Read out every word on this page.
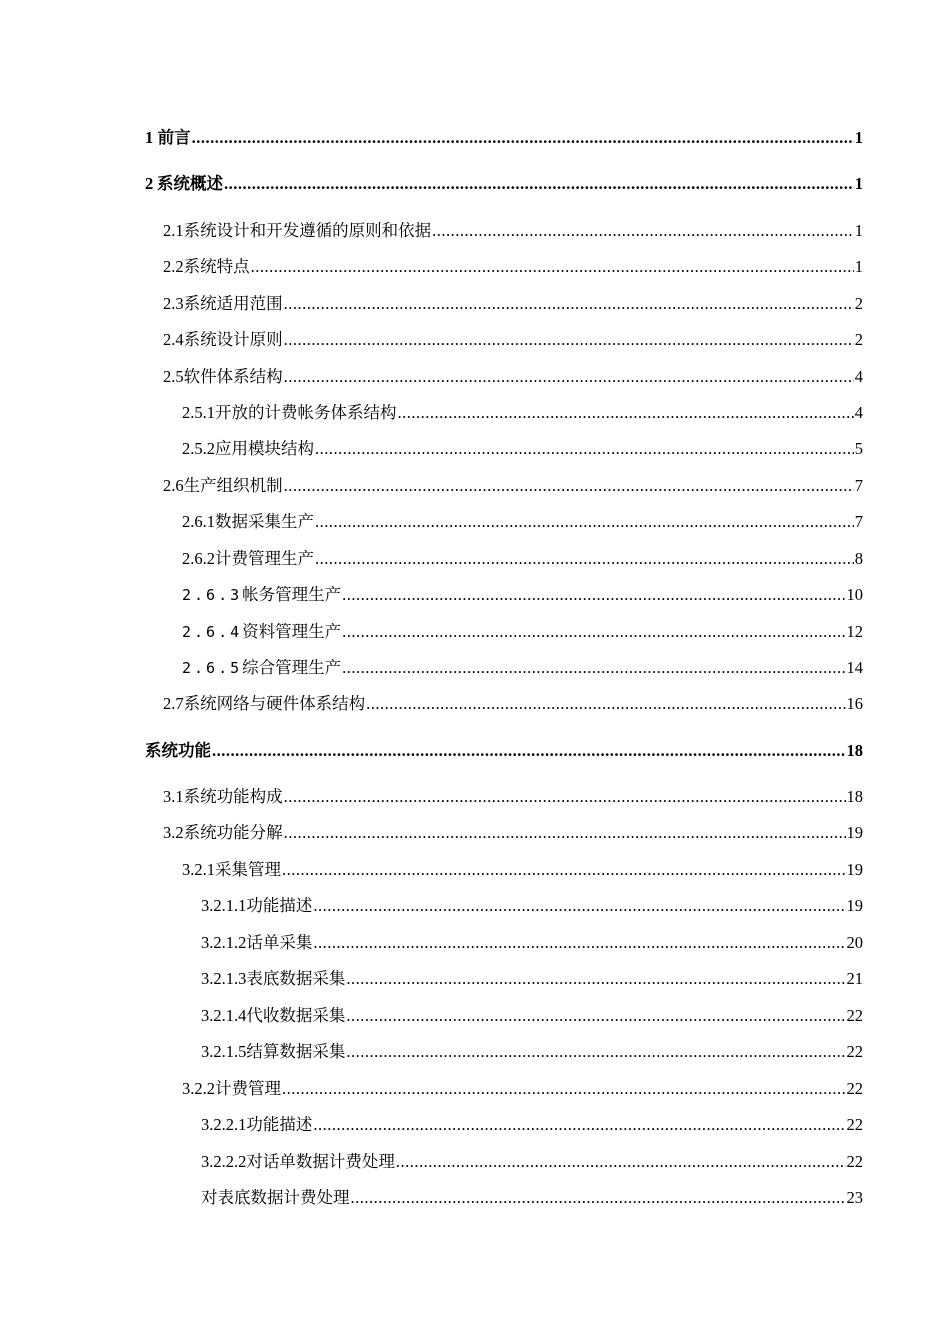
1 前言 .....	1
2 系统概述 .....	1
2.1 系统设计和开发遵循的原则和依据 .....	1
2.2 系统特点 .....	1
2.3 系统适用范围 .....	2
2.4 系统设计原则 .....	2
2.5 软件体系结构 .....	4
2.5.1 开放的计费帐务体系结构 .....	4
2.5.2 应用模块结构 .....	5
2.6 生产组织机制 .....	7
2.6.1 数据采集生产 .....	7
2.6.2 计费管理生产 .....	8
2.6.3 帐务管理生产 .....	10
2.6.4 资料管理生产 .....	12
2.6.5 综合管理生产 .....	14
2.7 系统网络与硬件体系结构 .....	16
系统功能 .....	18
3.1 系统功能构成 .....	18
3.2 系统功能分解 .....	19
3.2.1 采集管理 .....	19
3.2.1.1 功能描述 .....	19
3.2.1.2 话单采集 .....	20
3.2.1.3 表底数据采集 .....	21
3.2.1.4 代收数据采集 .....	22
3.2.1.5 结算数据采集 .....	22
3.2.2 计费管理 .....	22
3.2.2.1 功能描述 .....	22
3.2.2.2 对话单数据计费处理 .....	22
对表底数据计费处理 .....	23
